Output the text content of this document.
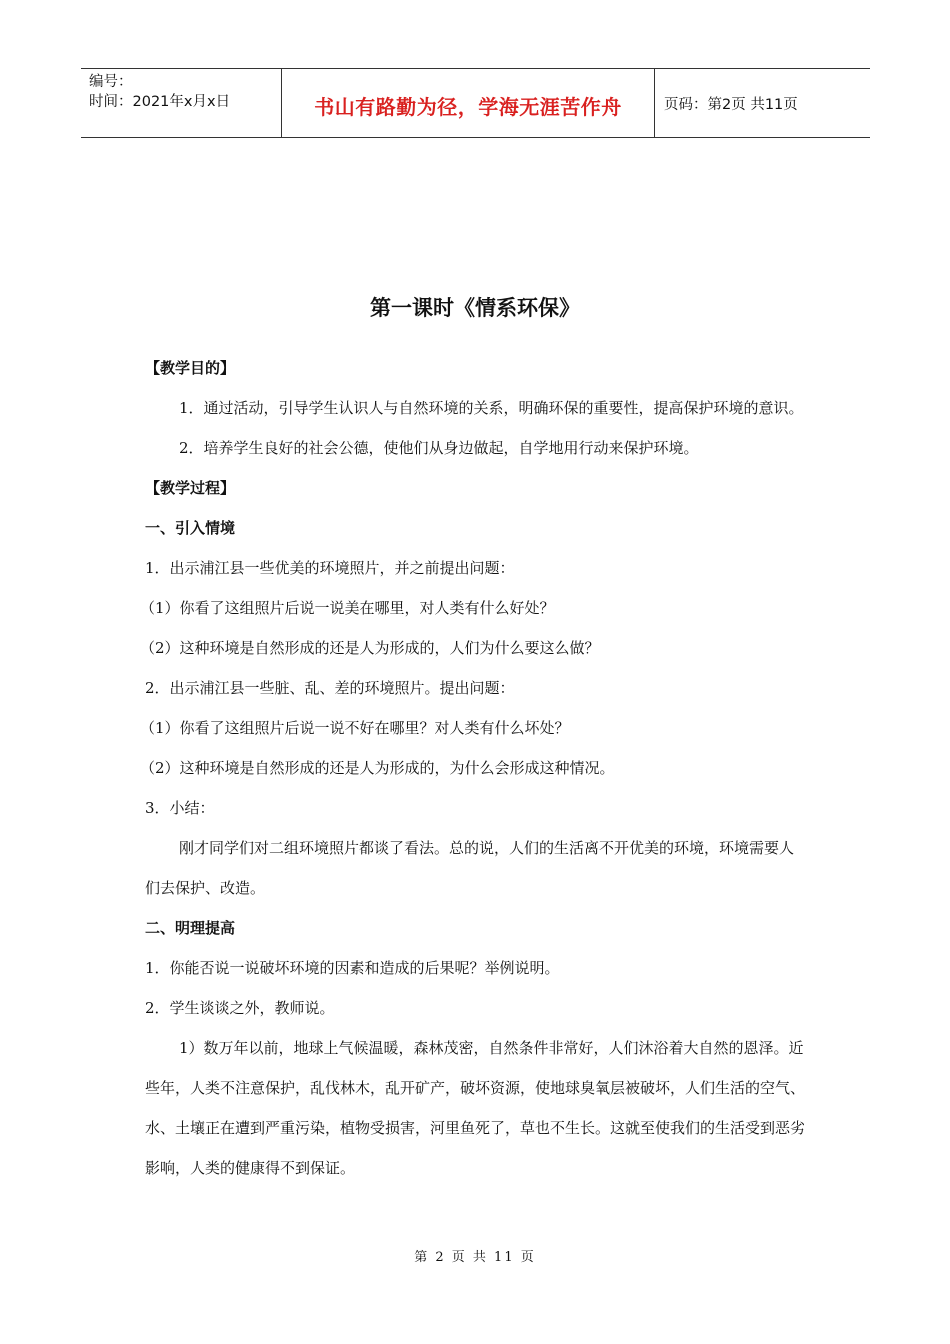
编号：
时间：2021年x月x日	书山有路勤为径，学海无涯苦作舟	页码：第2页 共11页
第一课时《情系环保》

【教学目的】

1．通过活动，引导学生认识人与自然环境的关系，明确环保的重要性，提高保护环境的意识。

2．培养学生良好的社会公德，使他们从身边做起，自学地用行动来保护环境。

【教学过程】

一、引入情境

1．出示浦江县一些优美的环境照片，并之前提出问题：

（1）你看了这组照片后说一说美在哪里，对人类有什么好处？

（2）这种环境是自然形成的还是人为形成的，人们为什么要这么做？

2．出示浦江县一些脏、乱、差的环境照片。提出问题：

（1）你看了这组照片后说一说不好在哪里？对人类有什么坏处？

（2）这种环境是自然形成的还是人为形成的，为什么会形成这种情况。

3．小结：

刚才同学们对二组环境照片都谈了看法。总的说，人们的生活离不开优美的环境，环境需要人们去保护、改造。

二、明理提高

1．你能否说一说破坏环境的因素和造成的后果呢？举例说明。

2．学生谈谈之外，教师说。

1）数万年以前，地球上气候温暖，森林茂密，自然条件非常好，人们沐浴着大自然的恩泽。近些年，人类不注意保护，乱伐林木，乱开矿产，破坏资源，使地球臭氧层被破坏，人们生活的空气、水、土壤正在遭到严重污染，植物受损害，河里鱼死了，草也不生长。这就至使我们的生活受到恶劣影响，人类的健康得不到保证。

第 2 页 共 11 页
